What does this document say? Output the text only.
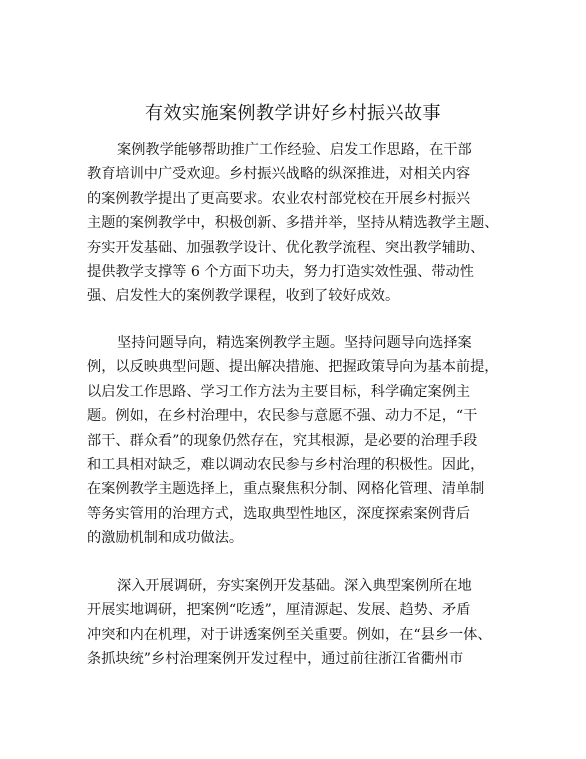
有效实施案例教学讲好乡村振兴故事
案例教学能够帮助推广工作经验、启发工作思路，在干部
教育培训中广受欢迎。乡村振兴战略的纵深推进，对相关内容
的案例教学提出了更高要求。农业农村部党校在开展乡村振兴
主题的案例教学中，积极创新、多措并举，坚持从精选教学主题、
夯实开发基础、加强教学设计、优化教学流程、突出教学辅助、
提供教学支撑等 6 个方面下功夫，努力打造实效性强、带动性
强、启发性大的案例教学课程，收到了较好成效。
坚持问题导向，精选案例教学主题。坚持问题导向选择案
例，以反映典型问题、提出解决措施、把握政策导向为基本前提，
以启发工作思路、学习工作方法为主要目标，科学确定案例主
题。例如，在乡村治理中，农民参与意愿不强、动力不足，“干
部干、群众看”的现象仍然存在，究其根源，是必要的治理手段
和工具相对缺乏，难以调动农民参与乡村治理的积极性。因此，
在案例教学主题选择上，重点聚焦积分制、网格化管理、清单制
等务实管用的治理方式，选取典型性地区，深度探索案例背后
的激励机制和成功做法。
深入开展调研，夯实案例开发基础。深入典型案例所在地
开展实地调研，把案例“吃透”，厘清源起、发展、趋势、矛盾
冲突和内在机理，对于讲透案例至关重要。例如，在“县乡一体、
条抓块统”乡村治理案例开发过程中，通过前往浙江省衢州市
